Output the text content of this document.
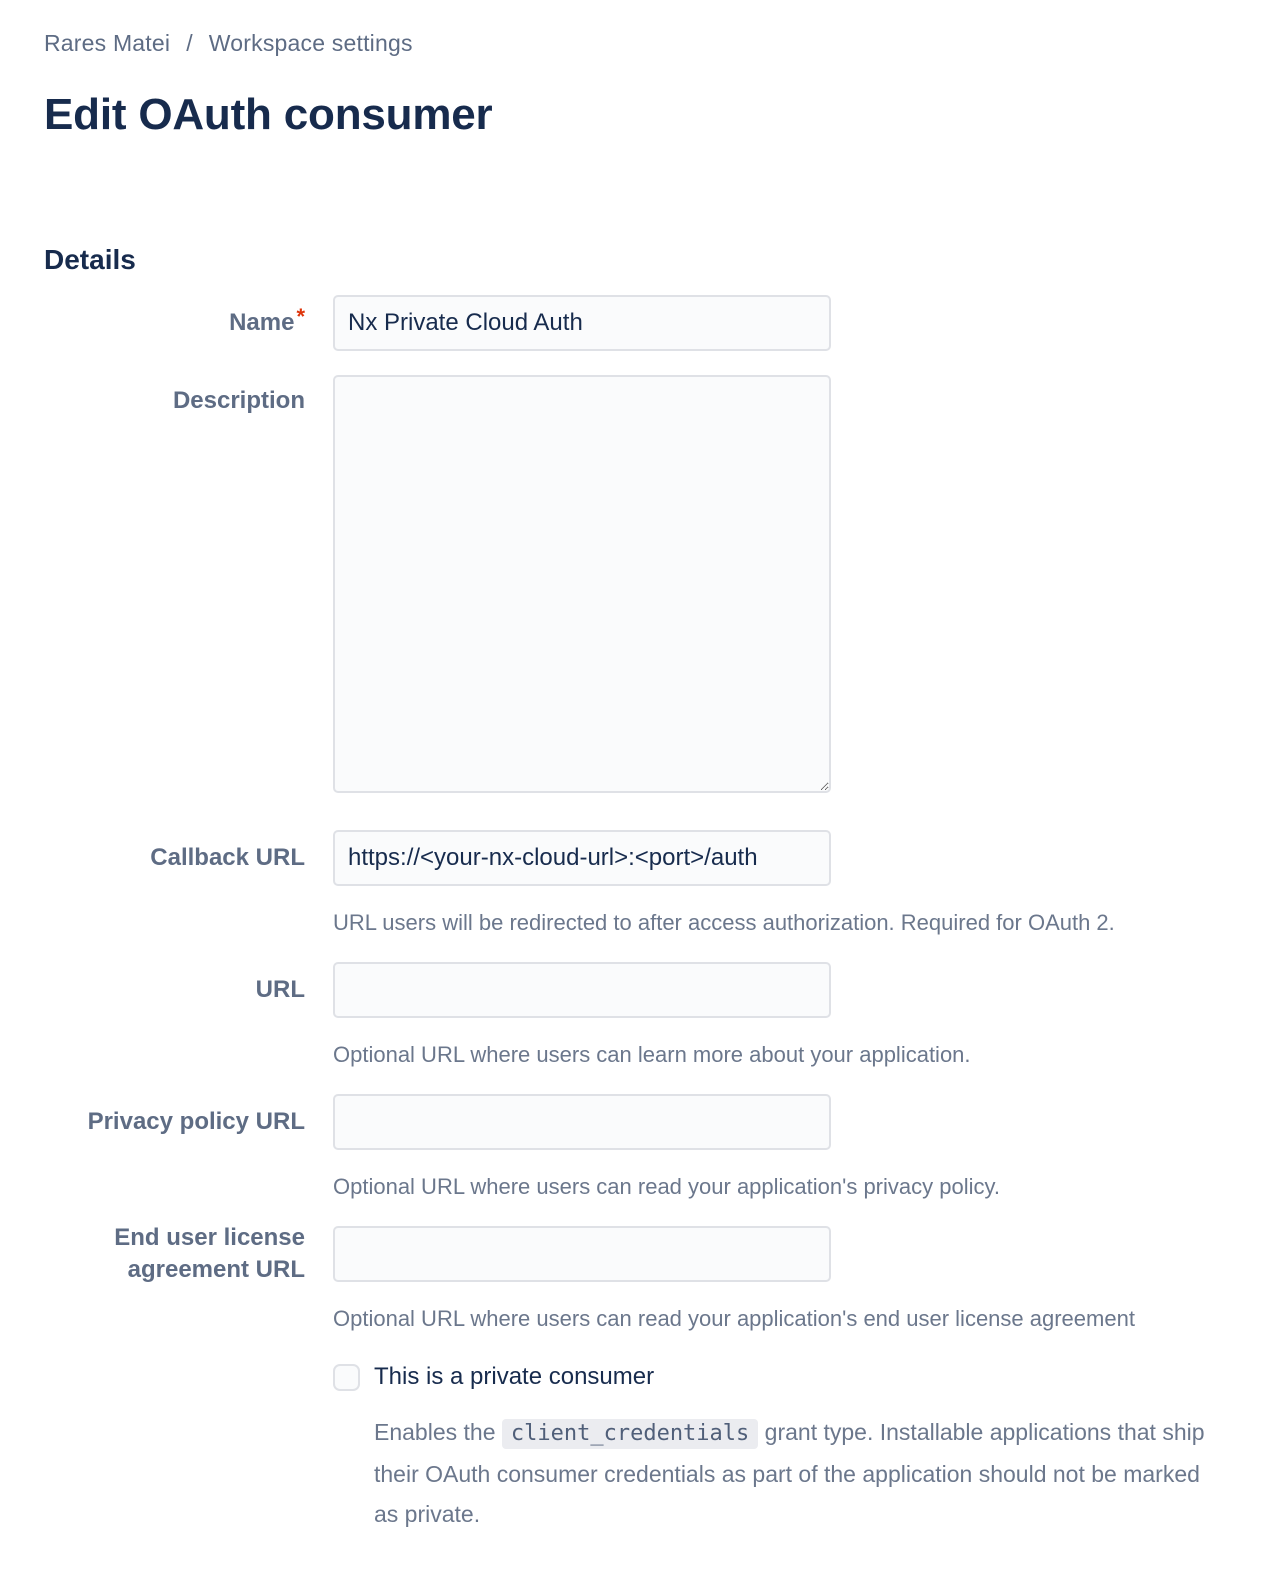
Rares Matei / Workspace settings
Edit OAuth consumer
Details
Name *
Nx Private Cloud Auth
Description
Callback URL
https://<your-nx-cloud-url>:<port>/auth
URL users will be redirected to after access authorization. Required for OAuth 2.
URL
Optional URL where users can learn more about your application.
Privacy policy URL
Optional URL where users can read your application's privacy policy.
End user license agreement URL
Optional URL where users can read your application's end user license agreement
This is a private consumer
Enables the client_credentials grant type. Installable applications that ship their OAuth consumer credentials as part of the application should not be marked as private.
